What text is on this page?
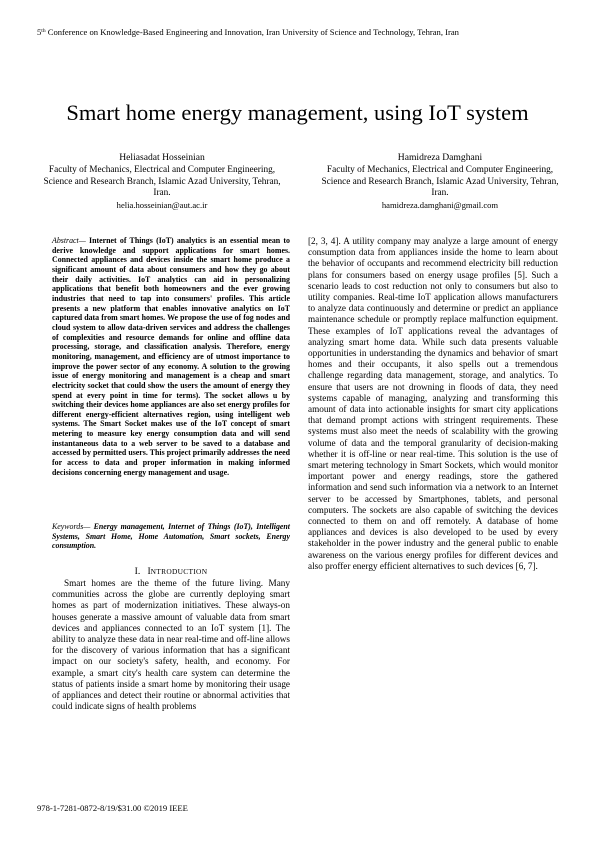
5th Conference on Knowledge-Based Engineering and Innovation, Iran University of Science and Technology, Tehran, Iran
Smart home energy management, using IoT system
Heliasadat Hosseinian
Faculty of Mechanics, Electrical and Computer Engineering, Science and Research Branch, Islamic Azad University, Tehran, Iran.
helia.hosseinian@aut.ac.ir
Hamidreza Damghani
Faculty of Mechanics, Electrical and Computer Engineering, Science and Research Branch, Islamic Azad University, Tehran, Iran.
hamidreza.damghani@gmail.com

Abstract— Internet of Things (IoT) analytics is an essential mean to derive knowledge and support applications for smart homes. Connected appliances and devices inside the smart home produce a significant amount of data about consumers and how they go about their daily activities. IoT analytics can aid in personalizing applications that benefit both homeowners and the ever growing industries that need to tap into consumers' profiles. This article presents a new platform that enables innovative analytics on IoT captured data from smart homes. We propose the use of fog nodes and cloud system to allow data-driven services and address the challenges of complexities and resource demands for online and offline data processing, storage, and classification analysis. Therefore, energy monitoring, management, and efficiency are of utmost importance to improve the power sector of any economy. A solution to the growing issue of energy monitoring and management is a cheap and smart electricity socket that could show the users the amount of energy they spend at every point in time for terms). The socket allows u by switching their devices home appliances are also set energy profiles for different energy-efficient alternatives region, using intelligent web systems. The Smart Socket makes use of the IoT concept of smart metering to measure key energy consumption data and will send instantaneous data to a web server to be saved to a database and accessed by permitted users. This project primarily addresses the need for access to data and proper information in making informed decisions concerning energy management and usage.

Keywords— Energy management, Internet of Things (IoT), Intelligent Systems, Smart Home, Home Automation, Smart sockets, Energy consumption.

I. INTRODUCTION

Smart homes are the theme of the future living. Many communities across the globe are currently deploying smart homes as part of modernization initiatives. These always-on houses generate a massive amount of valuable data from smart devices and appliances connected to an IoT system [1]. The ability to analyze these data in near real-time and off-line allows for the discovery of various information that has a significant impact on our society's safety, health, and economy. For example, a smart city's health care system can determine the status of patients inside a smart home by monitoring their usage of appliances and detect their routine or abnormal activities that could indicate signs of health problems

[2, 3, 4]. A utility company may analyze a large amount of energy consumption data from appliances inside the home to learn about the behavior of occupants and recommend electricity bill reduction plans for consumers based on energy usage profiles [5]. Such a scenario leads to cost reduction not only to consumers but also to utility companies. Real-time IoT application allows manufacturers to analyze data continuously and determine or predict an appliance maintenance schedule or promptly replace malfunction equipment. These examples of IoT applications reveal the advantages of analyzing smart home data. While such data presents valuable opportunities in understanding the dynamics and behavior of smart homes and their occupants, it also spells out a tremendous challenge regarding data management, storage, and analytics. To ensure that users are not drowning in floods of data, they need systems capable of managing, analyzing and transforming this amount of data into actionable insights for smart city applications that demand prompt actions with stringent requirements. These systems must also meet the needs of scalability with the growing volume of data and the temporal granularity of decision-making whether it is off-line or near real-time. This solution is the use of smart metering technology in Smart Sockets, which would monitor important power and energy readings, store the gathered information and send such information via a network to an Internet server to be accessed by Smartphones, tablets, and personal computers. The sockets are also capable of switching the devices connected to them on and off remotely. A database of home appliances and devices is also developed to be used by every stakeholder in the power industry and the general public to enable awareness on the various energy profiles for different devices and also proffer energy efficient alternatives to such devices [6, 7].

978-1-7281-0872-8/19/$31.00 ©2019 IEEE
